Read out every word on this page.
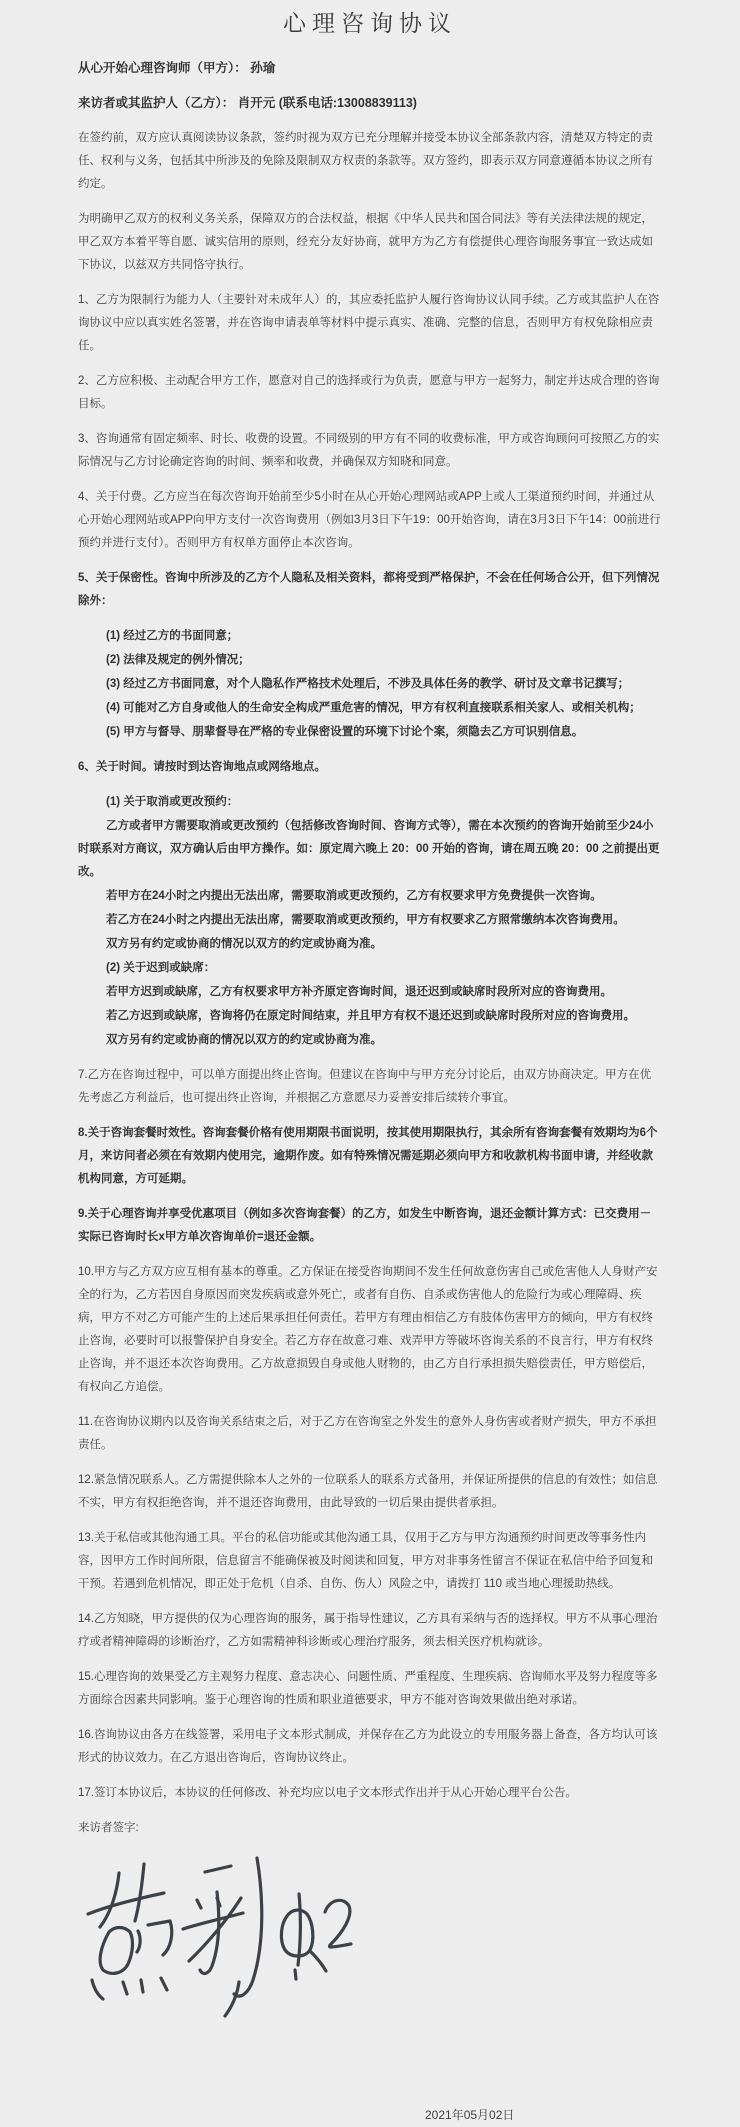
心理咨询协议

从心开始心理咨询师（甲方）： 孙瑜

来访者或其监护人（乙方）： 肖开元 (联系电话:13008839113)

在签约前，双方应认真阅读协议条款，签约时视为双方已充分理解并接受本协议全部条款内容，清楚双方特定的责任、权利与义务，包括其中所涉及的免除及限制双方权责的条款等。双方签约，即表示双方同意遵循本协议之所有约定。

为明确甲乙双方的权利义务关系，保障双方的合法权益，根据《中华人民共和国合同法》等有关法律法规的规定，甲乙双方本着平等自愿、诚实信用的原则，经充分友好协商，就甲方为乙方有偿提供心理咨询服务事宜一致达成如下协议，以兹双方共同恪守执行。

1、乙方为限制行为能力人（主要针对未成年人）的，其应委托监护人履行咨询协议认同手续。乙方或其监护人在咨询协议中应以真实姓名签署，并在咨询申请表单等材料中提示真实、准确、完整的信息，否则甲方有权免除相应责任。

2、乙方应积极、主动配合甲方工作，愿意对自己的选择或行为负责，愿意与甲方一起努力，制定并达成合理的咨询目标。

3、咨询通常有固定频率、时长、收费的设置。不同级别的甲方有不同的收费标准，甲方或咨询顾问可按照乙方的实际情况与乙方讨论确定咨询的时间、频率和收费，并确保双方知晓和同意。

4、关于付费。乙方应当在每次咨询开始前至少5小时在从心开始心理网站或APP上或人工渠道预约时间，并通过从心开始心理网站或APP向甲方支付一次咨询费用（例如3月3日下午19：00开始咨询，请在3月3日下午14：00前进行预约并进行支付）。否则甲方有权单方面停止本次咨询。

5、关于保密性。咨询中所涉及的乙方个人隐私及相关资料，都将受到严格保护，不会在任何场合公开，但下列情况除外：

(1) 经过乙方的书面同意；

(2) 法律及规定的例外情况；

(3) 经过乙方书面同意，对个人隐私作严格技术处理后，不涉及具体任务的教学、研讨及文章书记撰写；

(4) 可能对乙方自身或他人的生命安全构成严重危害的情况，甲方有权利直接联系相关家人、或相关机构；

(5) 甲方与督导、朋辈督导在严格的专业保密设置的环境下讨论个案，须隐去乙方可识别信息。

6、关于时间。请按时到达咨询地点或网络地点。

(1) 关于取消或更改预约：

乙方或者甲方需要取消或更改预约（包括修改咨询时间、咨询方式等），需在本次预约的咨询开始前至少24小时联系对方商议，双方确认后由甲方操作。如：原定周六晚上 20：00 开始的咨询，请在周五晚 20：00 之前提出更改。

若甲方在24小时之内提出无法出席，需要取消或更改预约，乙方有权要求甲方免费提供一次咨询。

若乙方在24小时之内提出无法出席，需要取消或更改预约，甲方有权要求乙方照常缴纳本次咨询费用。

双方另有约定或协商的情况以双方的约定或协商为准。

(2) 关于迟到或缺席：

若甲方迟到或缺席，乙方有权要求甲方补齐原定咨询时间，退还迟到或缺席时段所对应的咨询费用。

若乙方迟到或缺席，咨询将仍在原定时间结束，并且甲方有权不退还迟到或缺席时段所对应的咨询费用。

双方另有约定或协商的情况以双方的约定或协商为准。

7.乙方在咨询过程中，可以单方面提出终止咨询。但建议在咨询中与甲方充分讨论后，由双方协商决定。甲方在优先考虑乙方利益后，也可提出终止咨询，并根据乙方意愿尽力妥善安排后续转介事宜。

8.关于咨询套餐时效性。咨询套餐价格有使用期限书面说明，按其使用期限执行，其余所有咨询套餐有效期均为6个月，来访问者必须在有效期内使用完，逾期作废。如有特殊情况需延期必须向甲方和收款机构书面申请，并经收款机构同意，方可延期。

9.关于心理咨询并享受优惠项目（例如多次咨询套餐）的乙方，如发生中断咨询，退还金额计算方式：已交费用－实际已咨询时长x甲方单次咨询单价=退还金额。

10.甲方与乙方双方应互相有基本的尊重。乙方保证在接受咨询期间不发生任何故意伤害自己或危害他人人身财产安全的行为，乙方若因自身原因而突发疾病或意外死亡，或者有自伤、自杀或伤害他人的危险行为或心理障碍、疾病，甲方不对乙方可能产生的上述后果承担任何责任。若甲方有理由相信乙方有肢体伤害甲方的倾向，甲方有权终止咨询，必要时可以报警保护自身安全。若乙方存在故意刁难、戏弄甲方等破坏咨询关系的不良言行，甲方有权终止咨询，并不退还本次咨询费用。乙方故意损毁自身或他人财物的，由乙方自行承担损失赔偿责任，甲方赔偿后，有权向乙方追偿。

11.在咨询协议期内以及咨询关系结束之后，对于乙方在咨询室之外发生的意外人身伤害或者财产损失，甲方不承担责任。

12.紧急情况联系人。乙方需提供除本人之外的一位联系人的联系方式备用，并保证所提供的信息的有效性；如信息不实，甲方有权拒绝咨询，并不退还咨询费用，由此导致的一切后果由提供者承担。

13.关于私信或其他沟通工具。平台的私信功能或其他沟通工具，仅用于乙方与甲方沟通预约时间更改等事务性内容，因甲方工作时间所限，信息留言不能确保被及时阅读和回复，甲方对非事务性留言不保证在私信中给予回复和干预。若遇到危机情况，即正处于危机（自杀、自伤、伤人）风险之中，请拨打 110 或当地心理援助热线。

14.乙方知晓，甲方提供的仅为心理咨询的服务，属于指导性建议，乙方具有采纳与否的选择权。甲方不从事心理治疗或者精神障碍的诊断治疗，乙方如需精神科诊断或心理治疗服务，须去相关医疗机构就诊。

15.心理咨询的效果受乙方主观努力程度、意志决心、问题性质、严重程度、生理疾病、咨询师水平及努力程度等多方面综合因素共同影响。鉴于心理咨询的性质和职业道德要求，甲方不能对咨询效果做出绝对承诺。

16.咨询协议由各方在线签署，采用电子文本形式制成，并保存在乙方为此设立的专用服务器上备查，各方均认可该形式的协议效力。在乙方退出咨询后，咨询协议终止。

17.签订本协议后，本协议的任何修改、补充均应以电子文本形式作出并于从心开始心理平台公告。

来访者签字:

2021年05月02日
